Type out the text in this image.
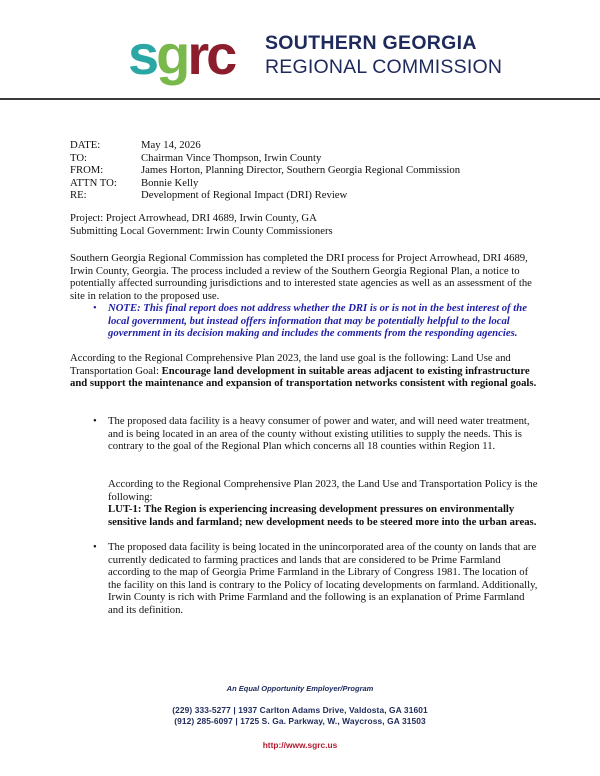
sgrc SOUTHERN GEORGIA
REGIONAL COMMISSION
DATE:	May 14, 2026
TO:	Chairman Vince Thompson, Irwin County
FROM:	James Horton, Planning Director, Southern Georgia Regional Commission
ATTN TO:	Bonnie Kelly
RE:	Development of Regional Impact (DRI) Review
Project: Project Arrowhead, DRI 4689, Irwin County, GA
Submitting Local Government: Irwin County Commissioners

Southern Georgia Regional Commission has completed the DRI process for Project Arrowhead, DRI 4689, Irwin County, Georgia. The process included a review of the Southern Georgia Regional Plan, a notice to potentially affected surrounding jurisdictions and to interested state agencies as well as an assessment of the site in relation to the proposed use.

• NOTE: This final report does not address whether the DRI is or is not in the best interest of the local government, but instead offers information that may be potentially helpful to the local government in its decision making and includes the comments from the responding agencies.

According to the Regional Comprehensive Plan 2023, the land use goal is the following: Land Use and Transportation Goal: Encourage land development in suitable areas adjacent to existing infrastructure and support the maintenance and expansion of transportation networks consistent with regional goals.

• The proposed data facility is a heavy consumer of power and water, and will need water treatment, and is being located in an area of the county without existing utilities to supply the needs. This is contrary to the goal of the Regional Plan which concerns all 18 counties within Region 11.
According to the Regional Comprehensive Plan 2023, the Land Use and Transportation Policy is the following:
LUT-1: The Region is experiencing increasing development pressures on environmentally sensitive lands and farmland; new development needs to be steered more into the urban areas.
• The proposed data facility is being located in the unincorporated area of the county on lands that are currently dedicated to farming practices and lands that are considered to be Prime Farmland according to the map of Georgia Prime Farmland in the Library of Congress 1981. The location of the facility on this land is contrary to the Policy of locating developments on farmland. Additionally, Irwin County is rich with Prime Farmland and the following is an explanation of Prime Farmland and its definition.
An Equal Opportunity Employer/Program
(229) 333-5277 | 1937 Carlton Adams Drive, Valdosta, GA 31601
(912) 285-6097 | 1725 S. Ga. Parkway, W., Waycross, GA 31503
http://www.sgrc.us
